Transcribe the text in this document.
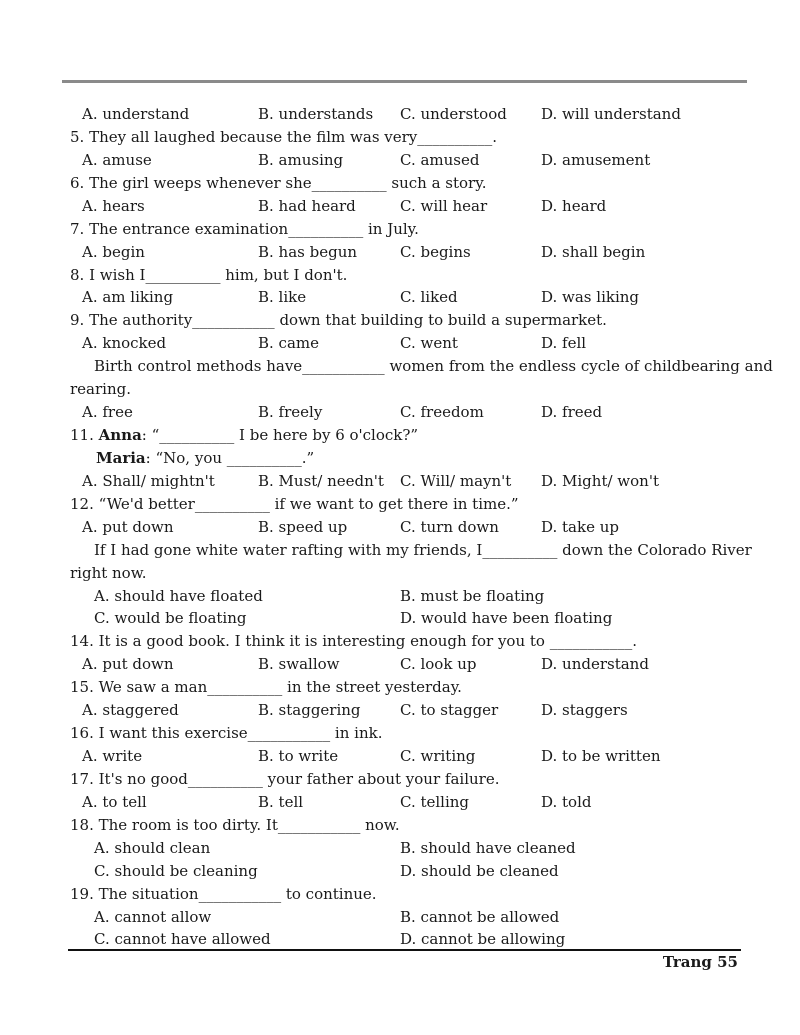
A. understand	B. understands C. understood D. will understand
5. They all laughed because the film was very__________.
A. amuse	B. amusing	C. amused	D. amusement
6. The girl weeps whenever she__________ such a story.
A. hears	B. had heard	C. will hear	D. heard
7. The entrance examination__________ in July.
A. begin	B. has begun	C. begins	D. shall begin
8. I wish I__________ him, but I don't.
A. am liking	B. like	C. liked	D. was liking
9. The authority___________ down that building to build a supermarket.
A. knocked	B. came	C. went	D. fell
Birth control methods have___________ women from the endless cycle of childbearing and
rearing.
A. free	B. freely	C. freedom	D. freed
11. Anna: “__________ I be here by 6 o'clock?”
Maria: “No, you __________.”
A. Shall/ mightn't	B. Must/ needn't C. Will/ mayn't D. Might/ won't
12. “We'd better__________ if we want to get there in time.”
A. put down	B. speed up	C. turn down	D. take up
If I had gone white water rafting with my friends, I__________ down the Colorado River
right now.
A. should have floated	B. must be floating
C. would be floating	D. would have been floating
14. It is a good book. I think it is interesting enough for you to ___________.
A. put down	B. swallow	C. look up	D. understand
15. We saw a man__________ in the street yesterday.
A. staggered	B. staggering	C. to stagger	D. staggers
16. I want this exercise___________ in ink.
A. write	B. to write	C. writing	D. to be written
17. It's no good__________ your father about your failure.
A. to tell	B. tell	C. telling	D. told
18. The room is too dirty. It___________ now.
A. should clean	B. should have cleaned
C. should be cleaning	D. should be cleaned
19. The situation___________ to continue.
A. cannot allow	B. cannot be allowed
C. cannot have allowed	D. cannot be allowing
Trang 55
